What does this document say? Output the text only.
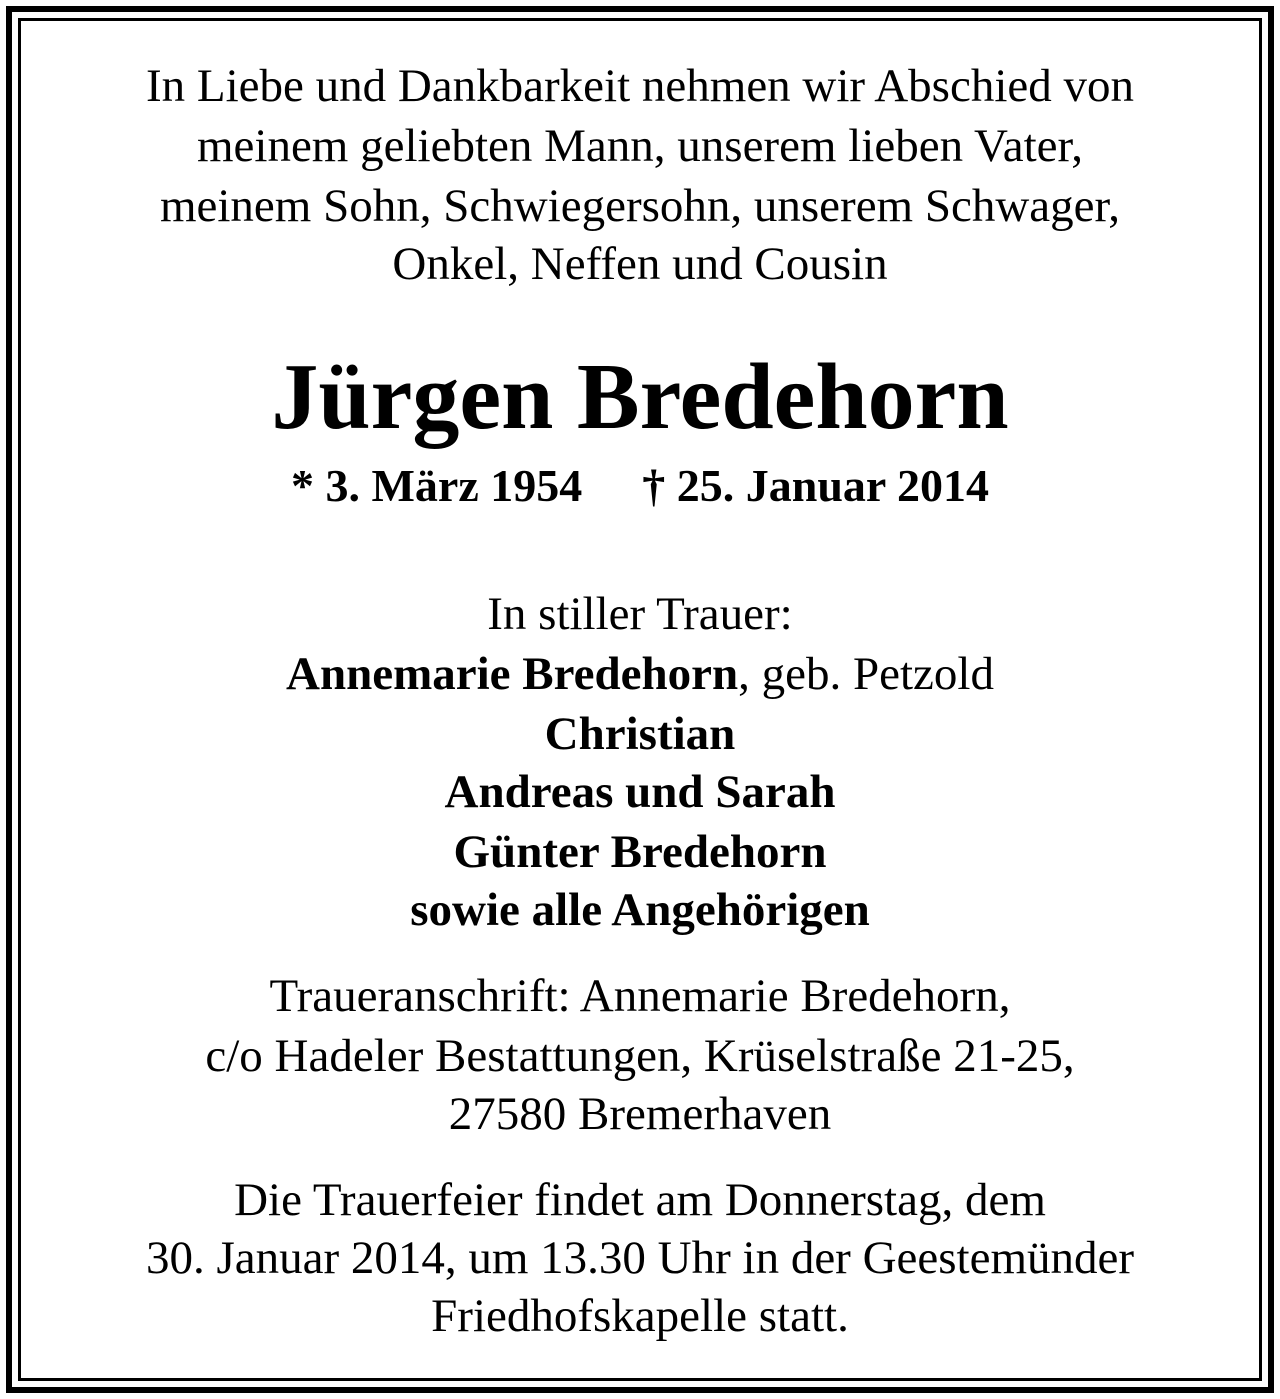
In Liebe und Dankbarkeit nehmen wir Abschied von
meinem geliebten Mann, unserem lieben Vater,
meinem Sohn, Schwiegersohn, unserem Schwager,
Onkel, Neffen und Cousin
Jürgen Bredehorn
* 3. März 1954 † 25. Januar 2014
In stiller Trauer:
Annemarie Bredehorn, geb. Petzold
Christian
Andreas und Sarah
Günter Bredehorn
sowie alle Angehörigen
Traueranschrift: Annemarie Bredehorn,
c/o Hadeler Bestattungen, Krüselstraße 21-25,
27580 Bremerhaven
Die Trauerfeier findet am Donnerstag, dem
30. Januar 2014, um 13.30 Uhr in der Geestemünder
Friedhofskapelle statt.
